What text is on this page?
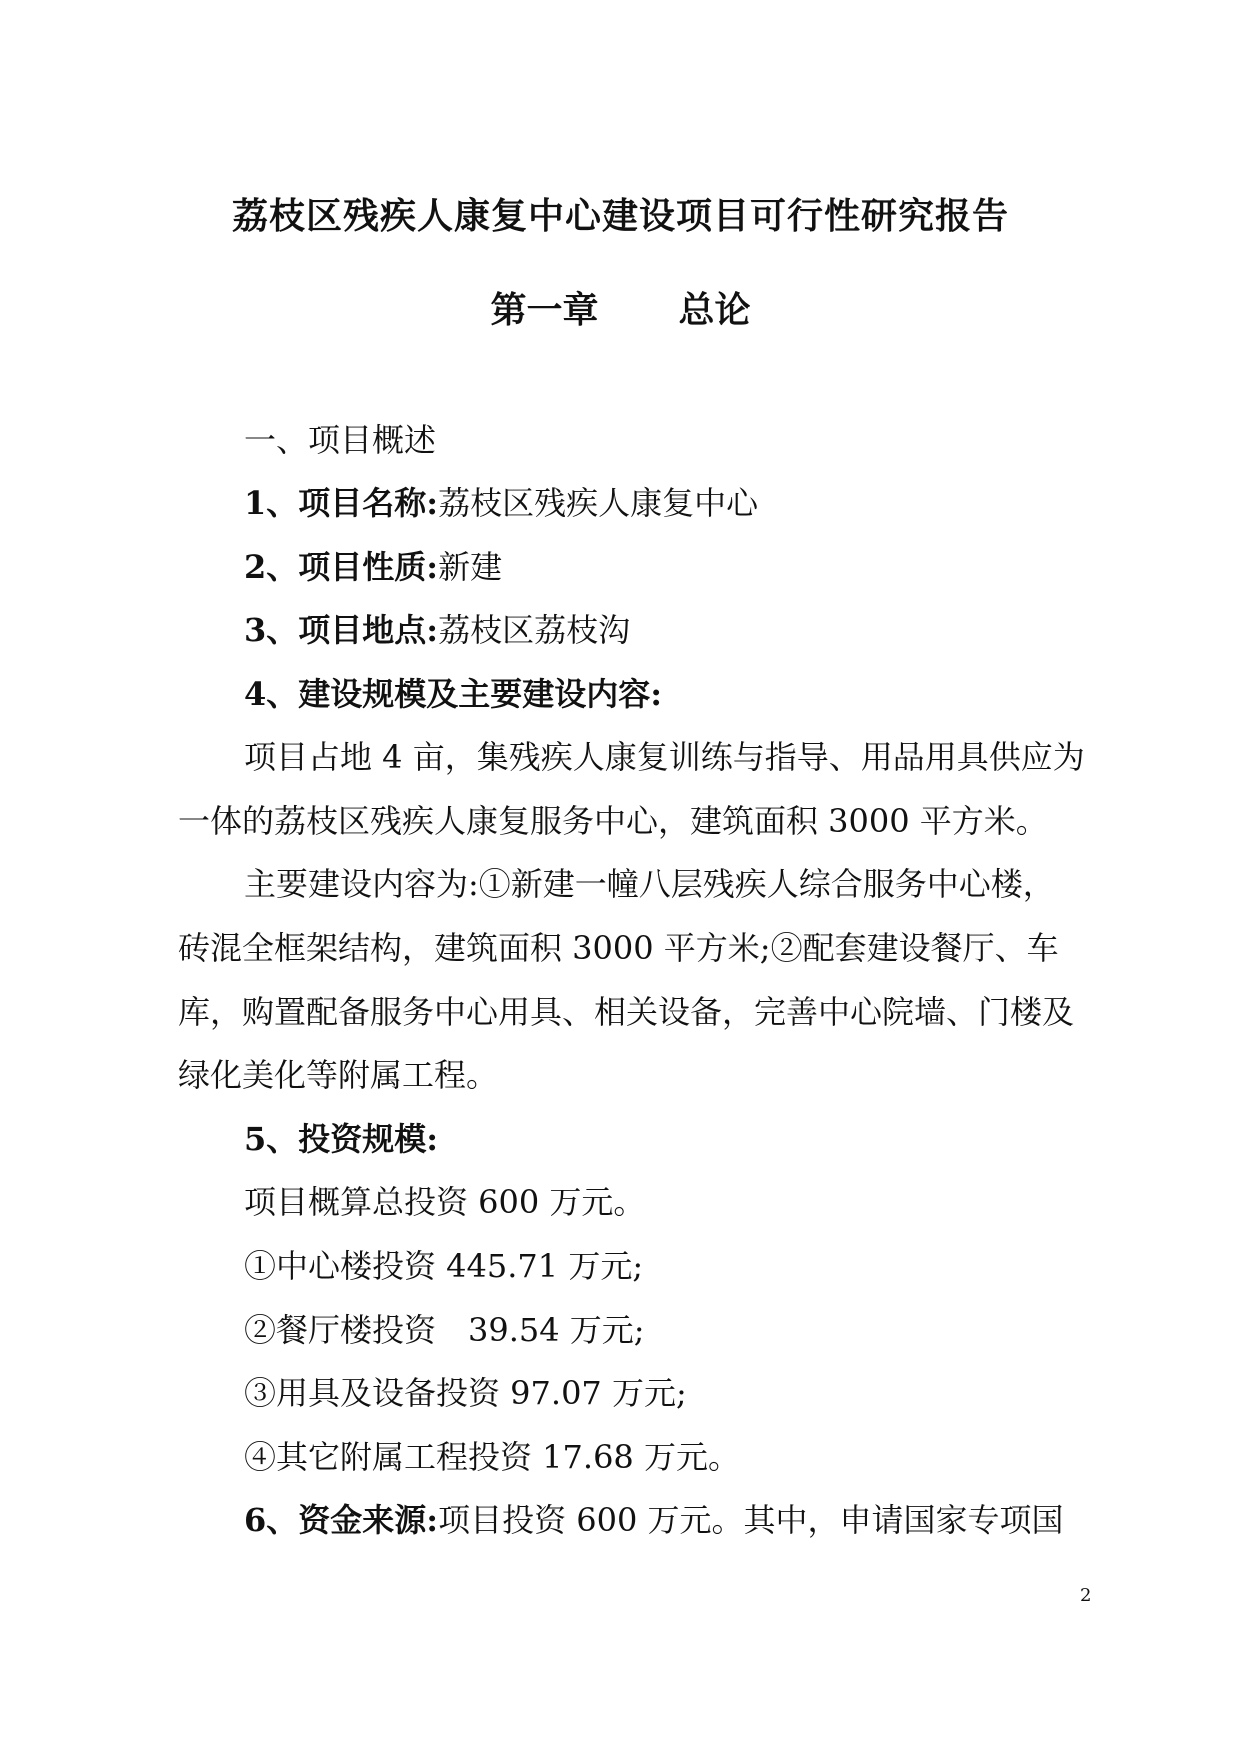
荔枝区残疾人康复中心建设项目可行性研究报告
第一章 总论
一、项目概述
1、项目名称:荔枝区残疾人康复中心
2、项目性质:新建
3、项目地点:荔枝区荔枝沟
4、建设规模及主要建设内容:
项目占地 4 亩，集残疾人康复训练与指导、用品用具供应为
一体的荔枝区残疾人康复服务中心，建筑面积 3000 平方米。
主要建设内容为:①新建一幢八层残疾人综合服务中心楼，
砖混全框架结构，建筑面积 3000 平方米;②配套建设餐厅、车
库，购置配备服务中心用具、相关设备，完善中心院墙、门楼及
绿化美化等附属工程。
5、投资规模:
项目概算总投资 600 万元。
①中心楼投资 445.71 万元;
②餐厅楼投资　39.54 万元;
③用具及设备投资 97.07 万元;
④其它附属工程投资 17.68 万元。
6、资金来源:项目投资 600 万元。其中，申请国家专项国
2
